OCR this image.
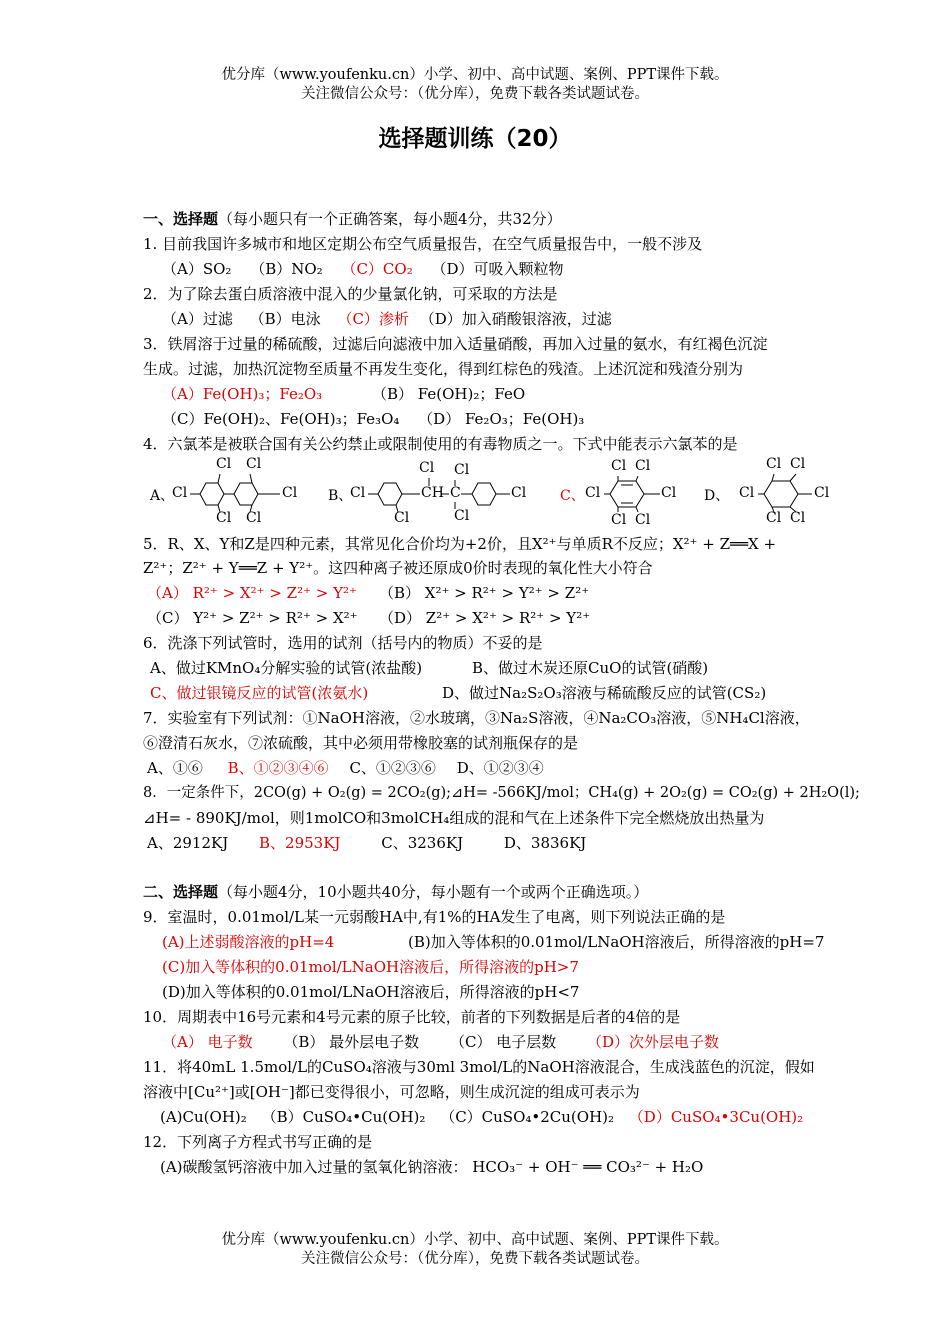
优分库（www.youfenku.cn）小学、初中、高中试题、案例、PPT课件下载。
关注微信公众号：（优分库），免费下载各类试题试卷。
选择题训练（20）
一、选择题（每小题只有一个正确答案，每小题4分，共32分）
1. 目前我国许多城市和地区定期公布空气质量报告，在空气质量报告中，一般不涉及
（A）SO₂ （B）NO₂ （C）CO₂ （D）可吸入颗粒物
2．为了除去蛋白质溶液中混入的少量氯化钠，可采取的方法是
（A）过滤 （B）电泳 （C）渗析 （D）加入硝酸银溶液，过滤
3．铁屑溶于过量的稀硫酸，过滤后向滤液中加入适量硝酸，再加入过量的氨水，有红褐色沉淀
生成。过滤，加热沉淀物至质量不再发生变化，得到红棕色的残渣。上述沉淀和残渣分别为
（A）Fe(OH)₃；Fe₂O₃	（B） Fe(OH)₂；FeO
（C）Fe(OH)₂、Fe(OH)₃；Fe₃O₄ （D） Fe₂O₃；Fe(OH)₃
4．六氯苯是被联合国有关公约禁止或限制使用的有毒物质之一。下式中能表示六氯苯的是
A、
Cl
Cl Cl
Cl Cl
Cl B、
Cl
Cl
CH
Cl
C
Cl
Cl
Cl C、 Cl
Cl Cl
Cl Cl
Cl D、 Cl
Cl Cl
Cl Cl
Cl
5．R、X、Y和Z是四种元素，其常见化合价均为+2价，且X²⁺与单质R不反应；X²⁺ + Z══X +
Z²⁺；Z²⁺ + Y══Z + Y²⁺。这四种离子被还原成0价时表现的氧化性大小符合
（A） R²⁺ > X²⁺ > Z²⁺ > Y²⁺ （B） X²⁺ > R²⁺ > Y²⁺ > Z²⁺
（C） Y²⁺ > Z²⁺ > R²⁺ > X²⁺ （D） Z²⁺ > X²⁺ > R²⁺ > Y²⁺
6．洗涤下列试管时，选用的试剂（括号内的物质）不妥的是
A、做过KMnO₄分解实验的试管(浓盐酸)	B、做过木炭还原CuO的试管(硝酸)
C、做过银镜反应的试管(浓氨水)	D、做过Na₂S₂O₃溶液与稀硫酸反应的试管(CS₂)
7．实验室有下列试剂：①NaOH溶液，②水玻璃，③Na₂S溶液，④Na₂CO₃溶液，⑤NH₄Cl溶液，
⑥澄清石灰水，⑦浓硫酸，其中必须用带橡胶塞的试剂瓶保存的是
A、①⑥ B、①②③④⑥ C、①②③⑥ D、①②③④
8．一定条件下，2CO(g) + O₂(g) = 2CO₂(g);⊿H= -566KJ/mol；CH₄(g) + 2O₂(g) = CO₂(g) + 2H₂O(l);
⊿H= - 890KJ/mol，则1molCO和3molCH₄组成的混和气在上述条件下完全燃烧放出热量为
A、2912KJ B、2953KJ	C、3236KJ	D、3836KJ
二、选择题（每小题4分，10小题共40分，每小题有一个或两个正确选项。）
9．室温时，0.01mol/L某一元弱酸HA中,有1%的HA发生了电离，则下列说法正确的是
(A)上述弱酸溶液的pH=4	(B)加入等体积的0.01mol/LNaOH溶液后，所得溶液的pH=7
(C)加入等体积的0.01mol/LNaOH溶液后，所得溶液的pH>7
(D)加入等体积的0.01mol/LNaOH溶液后，所得溶液的pH<7
10．周期表中16号元素和4号元素的原子比较，前者的下列数据是后者的4倍的是
（A） 电子数 （B） 最外层电子数 （C） 电子层数 （D）次外层电子数
11．将40mL 1.5mol/L的CuSO₄溶液与30ml 3mol/L的NaOH溶液混合，生成浅蓝色的沉淀，假如
溶液中[Cu²⁺]或[OH⁻]都已变得很小，可忽略，则生成沉淀的组成可表示为
(A)Cu(OH)₂ （B）CuSO₄•Cu(OH)₂ （C）CuSO₄•2Cu(OH)₂ （D）CuSO₄•3Cu(OH)₂
12．下列离子方程式书写正确的是
(A)碳酸氢钙溶液中加入过量的氢氧化钠溶液： HCO₃⁻ + OH⁻ ══ CO₃²⁻ + H₂O
优分库（www.youfenku.cn）小学、初中、高中试题、案例、PPT课件下载。
关注微信公众号：（优分库），免费下载各类试题试卷。
